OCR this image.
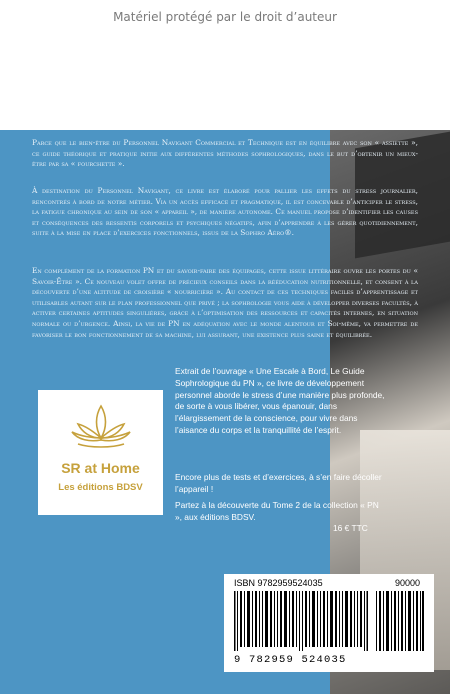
Matériel protégé par le droit d’auteur
Parce que le bien-être du Personnel Navigant Commercial et Technique est en équilibre avec son « assiette », ce guide théorique et pratique initie aux différentes méthodes sophrologiques, dans le but d’obtenir un mieux-être par sa « fourchette ».
À destination du Personnel Navigant, ce livre est élaboré pour pallier les effets du stress journalier, rencontrés à bord de notre métier. Via un accès efficace et pragmatique, il est concevable d’anticiper le stress, la fatigue chronique au sein de son « appareil », de manière autonome. Ce manuel propose d’identifier les causes et conséquences des ressentis corporels et psychiques négatifs, afin d’apprendre à les gérer quotidiennement, suite à la mise en place d’exercices fonctionnels, issus de la Sophro Aéro®.
En complément de la formation PN et du savoir-faire des équipages, cette issue littéraire ouvre les portes du « Savoir-Être ». Ce nouveau volet offre de précieux conseils dans la rééducation nutritionnelle, et consent à la découverte d’une altitude de croisière « nourricière ». Au contact de ces techniques faciles d’apprentissage et utilisables autant sur le plan professionnel que privé ; la sophrologie vous aide à développer diverses facultés, à activer certaines aptitudes singulières, grâce à l’optimisation des ressources et capacités internes, en situation normale ou d’urgence. Ainsi, la vie de PN en adéquation avec le monde alentour et Soi-même, va permettre de favoriser le bon fonctionnement de sa machine, lui assurant, une existence plus saine et équilibrée.
SR at Home
Les éditions BDSV
Extrait de l’ouvrage « Une Escale à Bord, Le Guide Sophrologique du PN », ce livre de développement personnel aborde le stress d’une manière plus profonde, de sorte à vous libérer, vous épanouir, dans l’élargissement de la conscience, pour vivre dans l’aisance du corps et la tranquillité de l’esprit.
Encore plus de tests et d’exercices, à s’en faire décoller l’appareil !
Partez à la découverte du Tome 2 de la collection « PN », aux éditions BDSV.
16 € TTC
ISBN 9782959524035	90000
9 782959 524035
